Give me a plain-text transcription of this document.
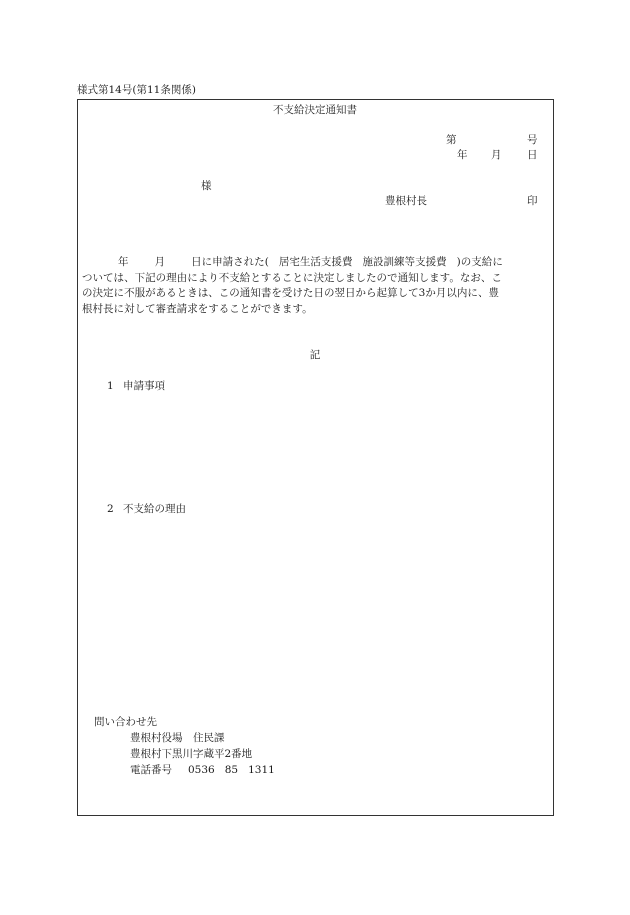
様式第14号(第11条関係)
不支給決定通知書
第	号
年 月 日
様
豊根村長	印
年 月 日に申請された( 居宅生活支援費 施設訓練等支援費 )の支給に
ついては、下記の理由により不支給とすることに決定しましたので通知します。なお、こ
の決定に不服があるときは、この通知書を受けた日の翌日から起算して3か月以内に、豊
根村長に対して審査請求をすることができます。
記
1 申請事項
2 不支給の理由
問い合わせ先
豊根村役場　住民課
豊根村下黒川字蔵平2番地
電話番号 0536 85 1311
